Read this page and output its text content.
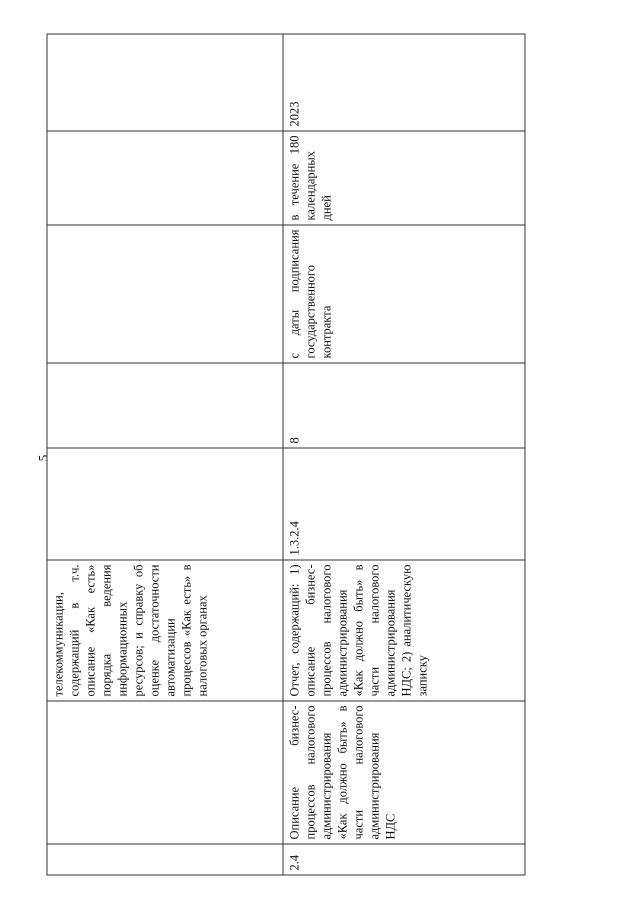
5
		телекоммуникации, содержащий в т.ч. описание «Как есть» порядка ведения информационных ресурсов; и справку об оценке достаточности автоматизации процессов «Как есть» в налоговых органах					
2.4	Описание бизнес-процессов налогового администрирования «Как должно быть» в части налогового администрирования НДС	Отчет, содержащий: 1) описание бизнес-процессов налогового администрирования «Как должно быть» в части налогового администрирования НДС; 2) аналитическую записку	1.3.2.4	8	с даты подписания государственного контракта	в течение 180 календарных дней	2023
